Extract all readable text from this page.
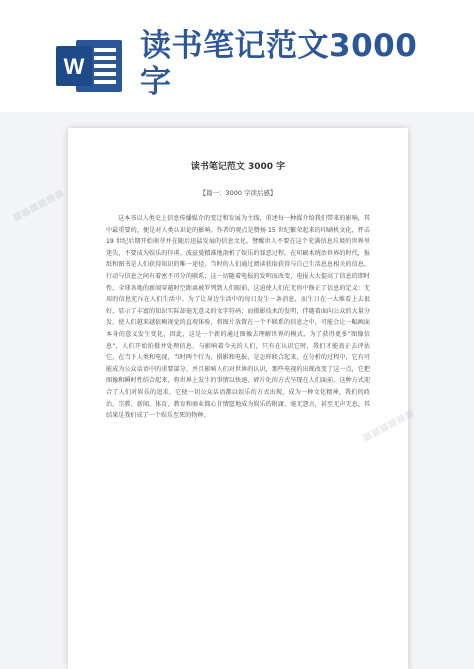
W
读书笔记范文3000字
读书笔记范文 3000 字
【篇一：3000 字读后感】

这本书以人类史上信息传播媒介的变迁和发展为主线，重述每一种媒介给我们带来的影响，其中最重要的，便是对人类认识论的影响。作者的观点是赞扬 15 世纪繁荣起来的印刷机文化，抨击 19 世纪后期开始萌芽并在随后迅猛发展的信息文化。譬醒世人不要在这个充满信息垃圾的世界里迷失，不要成为娱乐的俘虏。波兹曼精准地剖析了娱乐的罪恶过程。在印刷术统治世界的时代，报纸和图书是人们获得知识的唯一途径，当时的人们通过阅读获取获得与自己生活息息相关的信息，行动与信息之间有着密不可分的联系；这一切随着电报的发明而改变，电报大大提高了信息的即时性，全球各地的新闻穿越时空距离被罗列到人们眼前，这迫使人们在无形中修正了信息的定义：无用的信息充斥在人们生活中。为了让身边生活中的每日发生一条消息，而生日在一大堆看上去很好，显示了丰富的知识实际却毫无意义的文字符码；而摄影技术的发明，伴随着面向公众的大量分发，使人们越来越依赖视觉的直观体验，将图片放置在一个不联系的信息之中，可能会让一幅画面本身的意义发生变化，因此，这是一个新的通过图像去理解世界的模式，为了获得更多“图像信息”，人们开始拍摄并处理信息，与影响着今天的人们，只有在认识它时，我们才能真正去评估它，在当下人类和电视，当时两个行为，摄影和电报，是怎样联合起来，在分析的过程中，它有可能成为公众话语中的重要部分，并且影响人们对世界的认识，那些电视的出现改变了这一点，它把图像和瞬时性结合起来，将世界上发生的事情以快速、碎片化的方式呈现在人们面前，这种方式迎合了人们对娱乐的追求，它使一切公众话语都以娱乐的方式出现，成为一种文化精神，我们的政治、宗教、新闻、体育、教育和商业都心甘情愿地成为娱乐的附庸，毫无怨言，甚至无声无息，其结果是我们成了一个娱乐至死的物种。

■■■■■■
